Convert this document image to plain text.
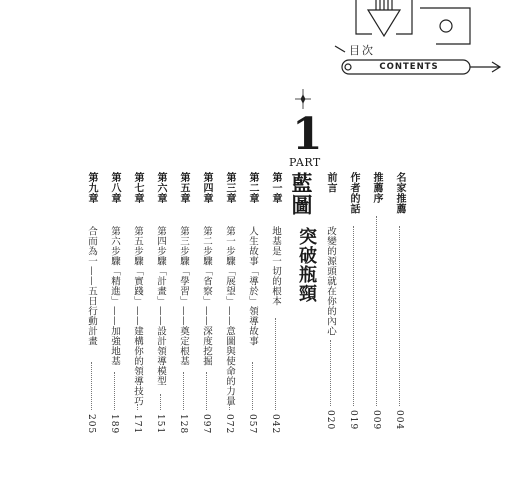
目次
CONTENTS
名家推薦
004
推薦序
009
作者的話
019
前言
改變的源頭就在你的內心
020
1
PART
藍圖
突破瓶頸
第一章
地基是一切的根本
042
第二章
人生故事「導於」領導故事
057
第三章
第一步驟「展望」——意圖與使命的力量
072
第四章
第二步驟「省察」——深度挖掘
097
第五章
第三步驟「學習」——奠定根基
128
第六章
第四步驟「計畫」——設計領導模型
151
第七章
第五步驟「實踐」——建構你的領導技巧
171
第八章
第六步驟「精進」——加強地基
189
第九章
合而為一——五日行動計畫
205
